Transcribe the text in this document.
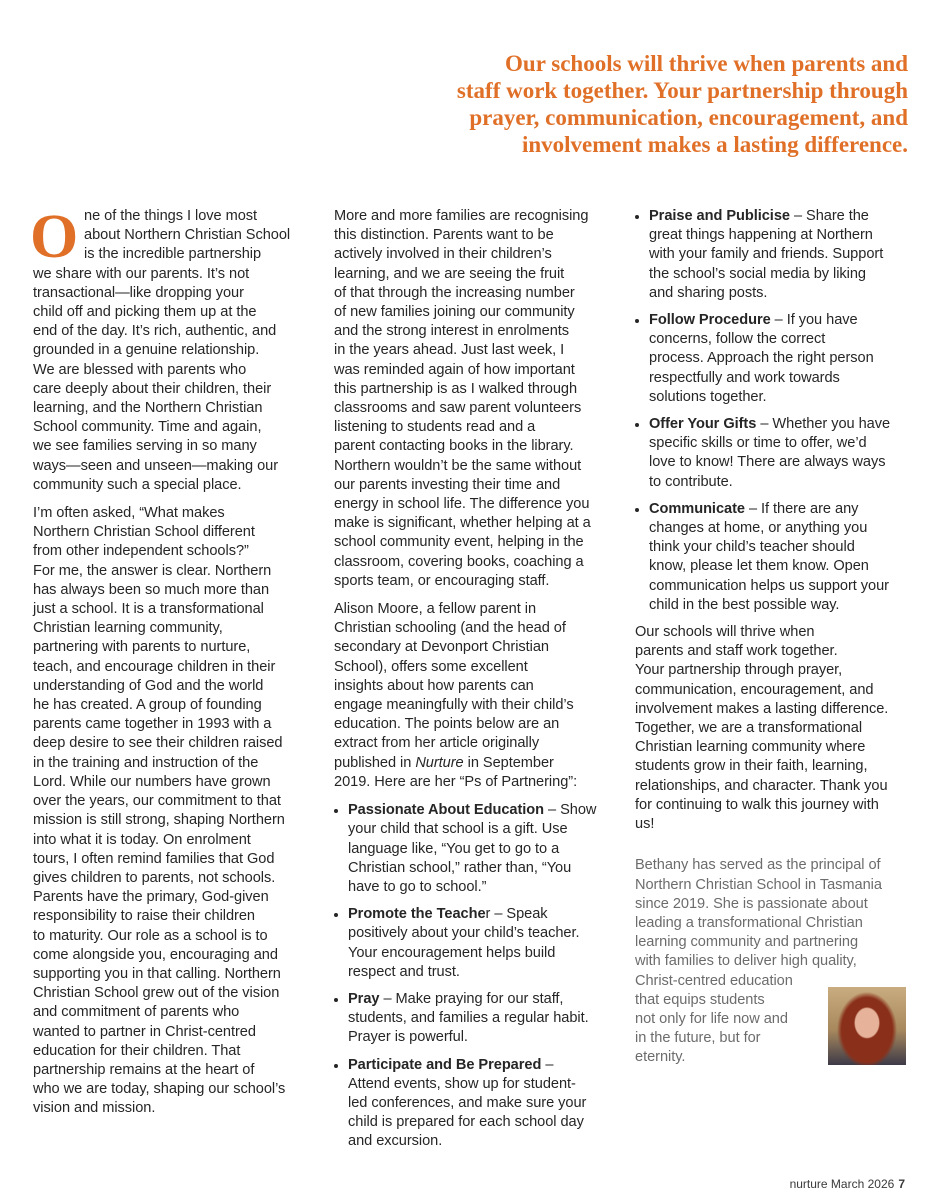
Our schools will thrive when parents and
staff work together. Your partnership through
prayer, communication, encouragement, and
involvement makes a lasting difference.
O ne of the things I love most
about Northern Christian School
is the incredible partnership
we share with our parents. It’s not
transactional—like dropping your
child off and picking them up at the
end of the day. It’s rich, authentic, and
grounded in a genuine relationship.
We are blessed with parents who
care deeply about their children, their
learning, and the Northern Christian
School community. Time and again,
we see families serving in so many
ways—seen and unseen—making our
community such a special place.
I’m often asked, “What makes
Northern Christian School different
from other independent schools?”
For me, the answer is clear. Northern
has always been so much more than
just a school. It is a transformational
Christian learning community,
partnering with parents to nurture,
teach, and encourage children in their
understanding of God and the world
he has created. A group of founding
parents came together in 1993 with a
deep desire to see their children raised
in the training and instruction of the
Lord. While our numbers have grown
over the years, our commitment to that
mission is still strong, shaping Northern
into what it is today. On enrolment
tours, I often remind families that God
gives children to parents, not schools.
Parents have the primary, God-given
responsibility to raise their children
to maturity. Our role as a school is to
come alongside you, encouraging and
supporting you in that calling. Northern
Christian School grew out of the vision
and commitment of parents who
wanted to partner in Christ-centred
education for their children. That
partnership remains at the heart of
who we are today, shaping our school’s
vision and mission.
More and more families are recognising
this distinction. Parents want to be
actively involved in their children’s
learning, and we are seeing the fruit
of that through the increasing number
of new families joining our community
and the strong interest in enrolments
in the years ahead. Just last week, I
was reminded again of how important
this partnership is as I walked through
classrooms and saw parent volunteers
listening to students read and a
parent contacting books in the library.
Northern wouldn’t be the same without
our parents investing their time and
energy in school life. The difference you
make is significant, whether helping at a
school community event, helping in the
classroom, covering books, coaching a
sports team, or encouraging staff.
Alison Moore, a fellow parent in
Christian schooling (and the head of
secondary at Devonport Christian
School), offers some excellent
insights about how parents can
engage meaningfully with their child’s
education. The points below are an
extract from her article originally
published in Nurture in September
2019. Here are her “Ps of Partnering”:
Passionate About Education – Show
your child that school is a gift. Use
language like, “You get to go to a
Christian school,” rather than, “You
have to go to school.”
Promote the Teacher – Speak
positively about your child’s teacher.
Your encouragement helps build
respect and trust.
Pray – Make praying for our staff,
students, and families a regular habit.
Prayer is powerful.
Participate and Be Prepared –
Attend events, show up for student-
led conferences, and make sure your
child is prepared for each school day
and excursion.
Praise and Publicise – Share the
great things happening at Northern
with your family and friends. Support
the school’s social media by liking
and sharing posts.
Follow Procedure – If you have
concerns, follow the correct
process. Approach the right person
respectfully and work towards
solutions together.
Offer Your Gifts – Whether you have
specific skills or time to offer, we’d
love to know! There are always ways
to contribute.
Communicate – If there are any
changes at home, or anything you
think your child’s teacher should
know, please let them know. Open
communication helps us support your
child in the best possible way.
Our schools will thrive when
parents and staff work together.
Your partnership through prayer,
communication, encouragement, and
involvement makes a lasting difference.
Together, we are a transformational
Christian learning community where
students grow in their faith, learning,
relationships, and character. Thank you
for continuing to walk this journey with
us!
Bethany has served as the principal of
Northern Christian School in Tasmania
since 2019. She is passionate about
leading a transformational Christian
learning community and partnering
with families to deliver high quality,
Christ-centred education
that equips students
not only for life now and
in the future, but for
eternity.
nurture March 2026 7
